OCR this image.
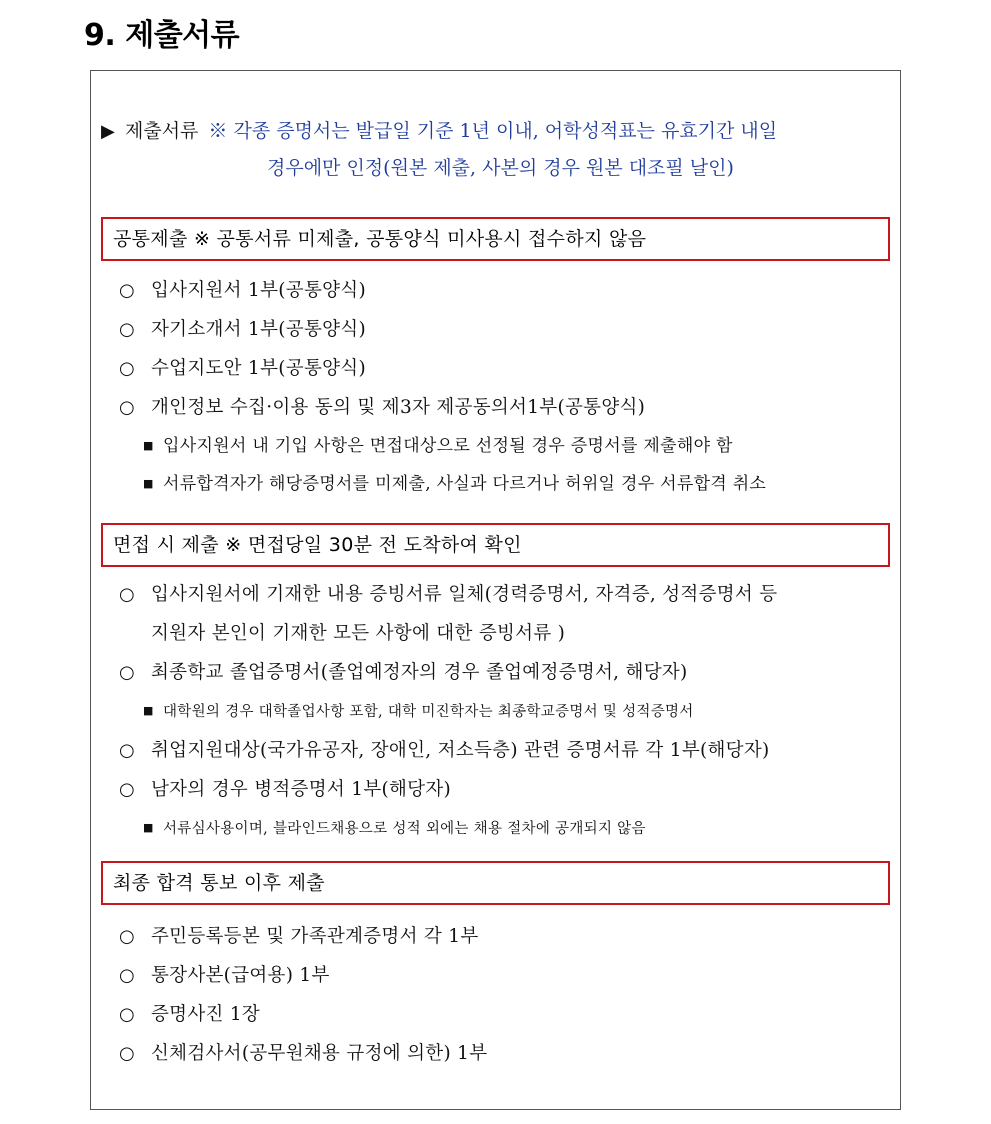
9. 제출서류
▶ 제출서류 ※ 각종 증명서는 발급일 기준 1년 이내, 어학성적표는 유효기간 내일
경우에만 인정(원본 제출, 사본의 경우 원본 대조필 날인)
공통제출 ※ 공통서류 미제출, 공통양식 미사용시 접수하지 않음
○ 입사지원서 1부(공통양식)
○ 자기소개서 1부(공통양식)
○ 수업지도안 1부(공통양식)
○ 개인정보 수집·이용 동의 및 제3자 제공동의서1부(공통양식)
■ 입사지원서 내 기입 사항은 면접대상으로 선정될 경우 증명서를 제출해야 함
■ 서류합격자가 해당증명서를 미제출, 사실과 다르거나 허위일 경우 서류합격 취소
면접 시 제출 ※ 면접당일 30분 전 도착하여 확인
○ 입사지원서에 기재한 내용 증빙서류 일체(경력증명서, 자격증, 성적증명서 등
지원자 본인이 기재한 모든 사항에 대한 증빙서류 )
○ 최종학교 졸업증명서(졸업예정자의 경우 졸업예정증명서, 해당자)
■ 대학원의 경우 대학졸업사항 포함, 대학 미진학자는 최종학교증명서 및 성적증명서
○ 취업지원대상(국가유공자, 장애인, 저소득층) 관련 증명서류 각 1부(해당자)
○ 남자의 경우 병적증명서 1부(해당자)
■ 서류심사용이며, 블라인드채용으로 성적 외에는 채용 절차에 공개되지 않음
최종 합격 통보 이후 제출
○ 주민등록등본 및 가족관계증명서 각 1부
○ 통장사본(급여용) 1부
○ 증명사진 1장
○ 신체검사서(공무원채용 규정에 의한) 1부
